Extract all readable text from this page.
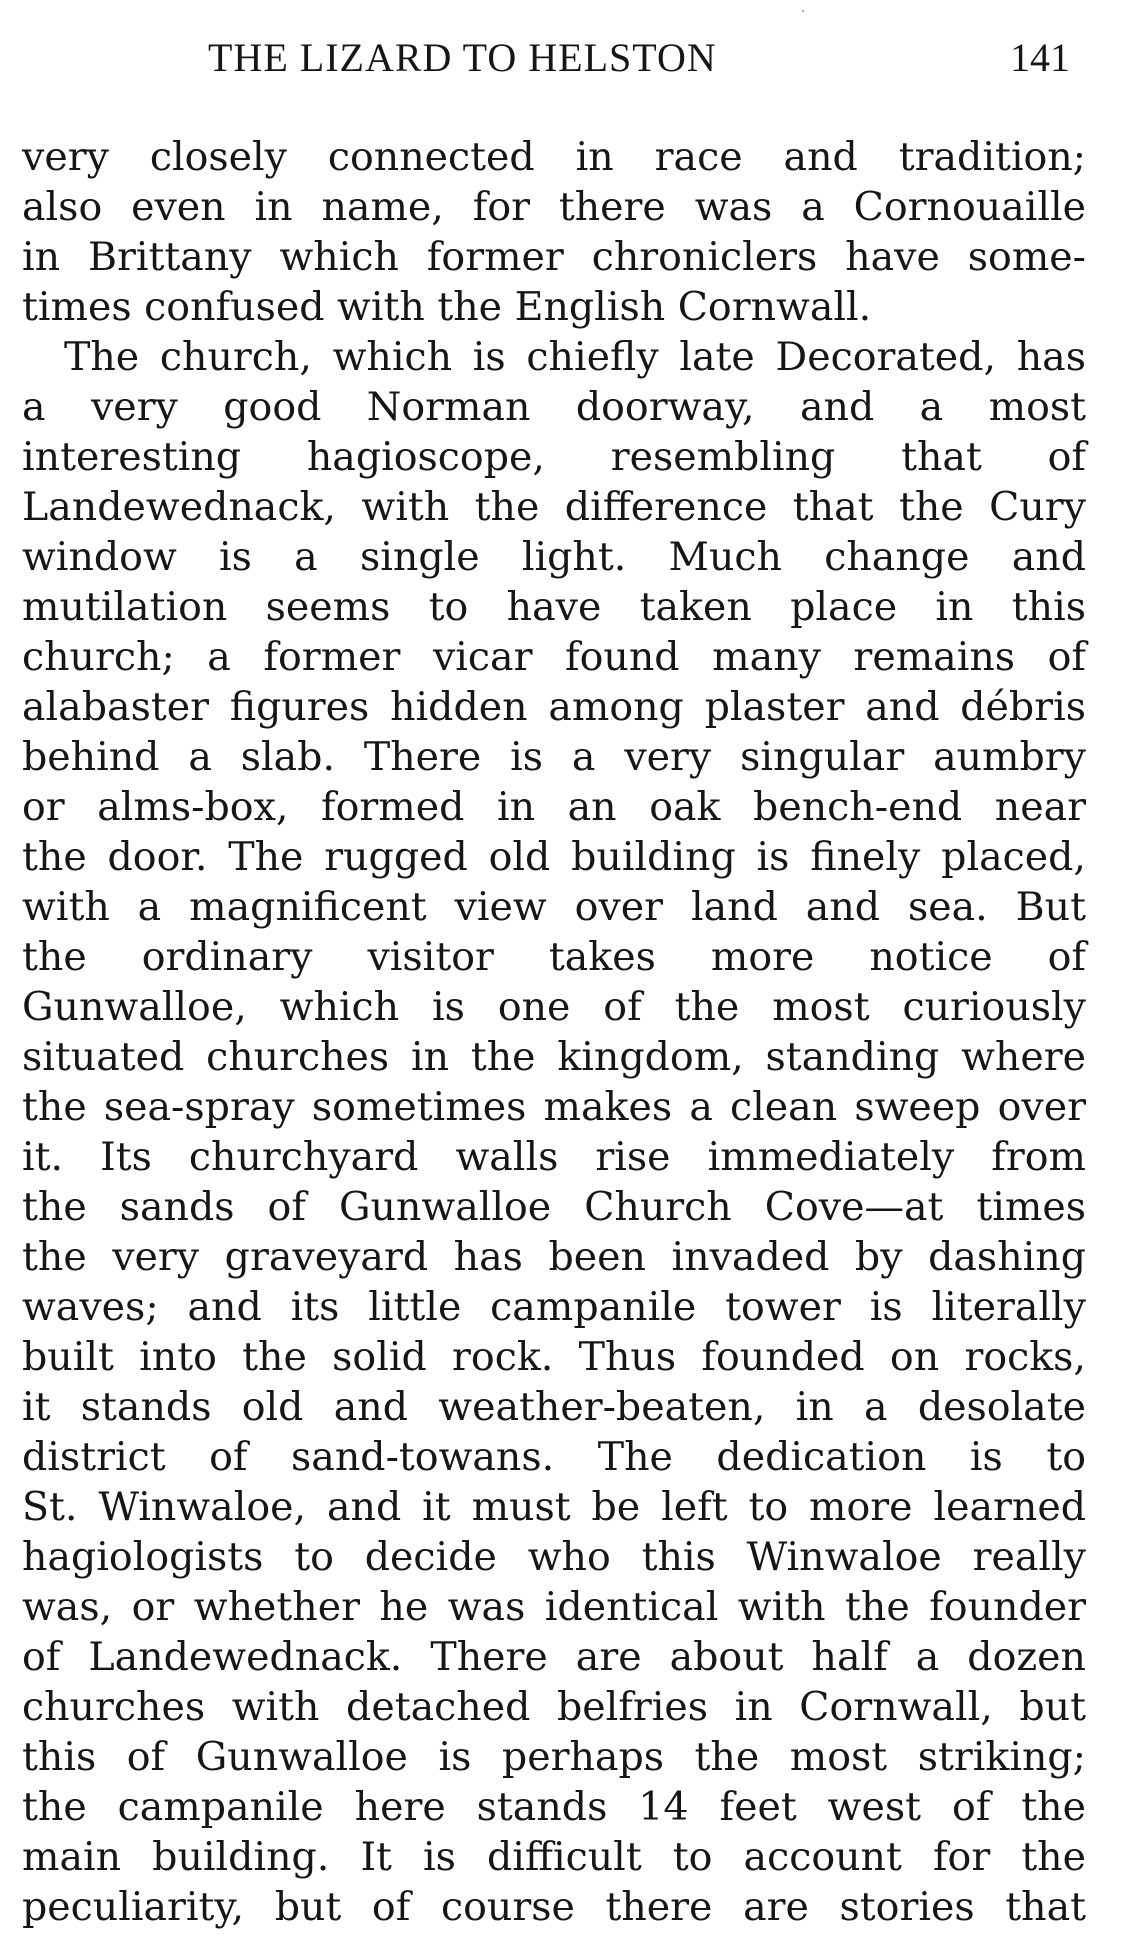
THE LIZARD TO HELSTON	141
very closely connected in race and tradition;
also even in name, for there was a Cornouaille
in Brittany which former chroniclers have some-
times confused with the English Cornwall.
The church, which is chiefly late Decorated, has
a very good Norman doorway, and a most
interesting hagioscope, resembling that of
Landewednack, with the difference that the Cury
window is a single light. Much change and
mutilation seems to have taken place in this
church; a former vicar found many remains of
alabaster figures hidden among plaster and débris
behind a slab. There is a very singular aumbry
or alms-box, formed in an oak bench-end near
the door. The rugged old building is finely placed,
with a magnificent view over land and sea. But
the ordinary visitor takes more notice of
Gunwalloe, which is one of the most curiously
situated churches in the kingdom, standing where
the sea-spray sometimes makes a clean sweep over
it. Its churchyard walls rise immediately from
the sands of Gunwalloe Church Cove—at times
the very graveyard has been invaded by dashing
waves; and its little campanile tower is literally
built into the solid rock. Thus founded on rocks,
it stands old and weather-beaten, in a desolate
district of sand-towans. The dedication is to
St. Winwaloe, and it must be left to more learned
hagiologists to decide who this Winwaloe really
was, or whether he was identical with the founder
of Landewednack. There are about half a dozen
churches with detached belfries in Cornwall, but
this of Gunwalloe is perhaps the most striking;
the campanile here stands 14 feet west of the
main building. It is difficult to account for the
peculiarity, but of course there are stories that
